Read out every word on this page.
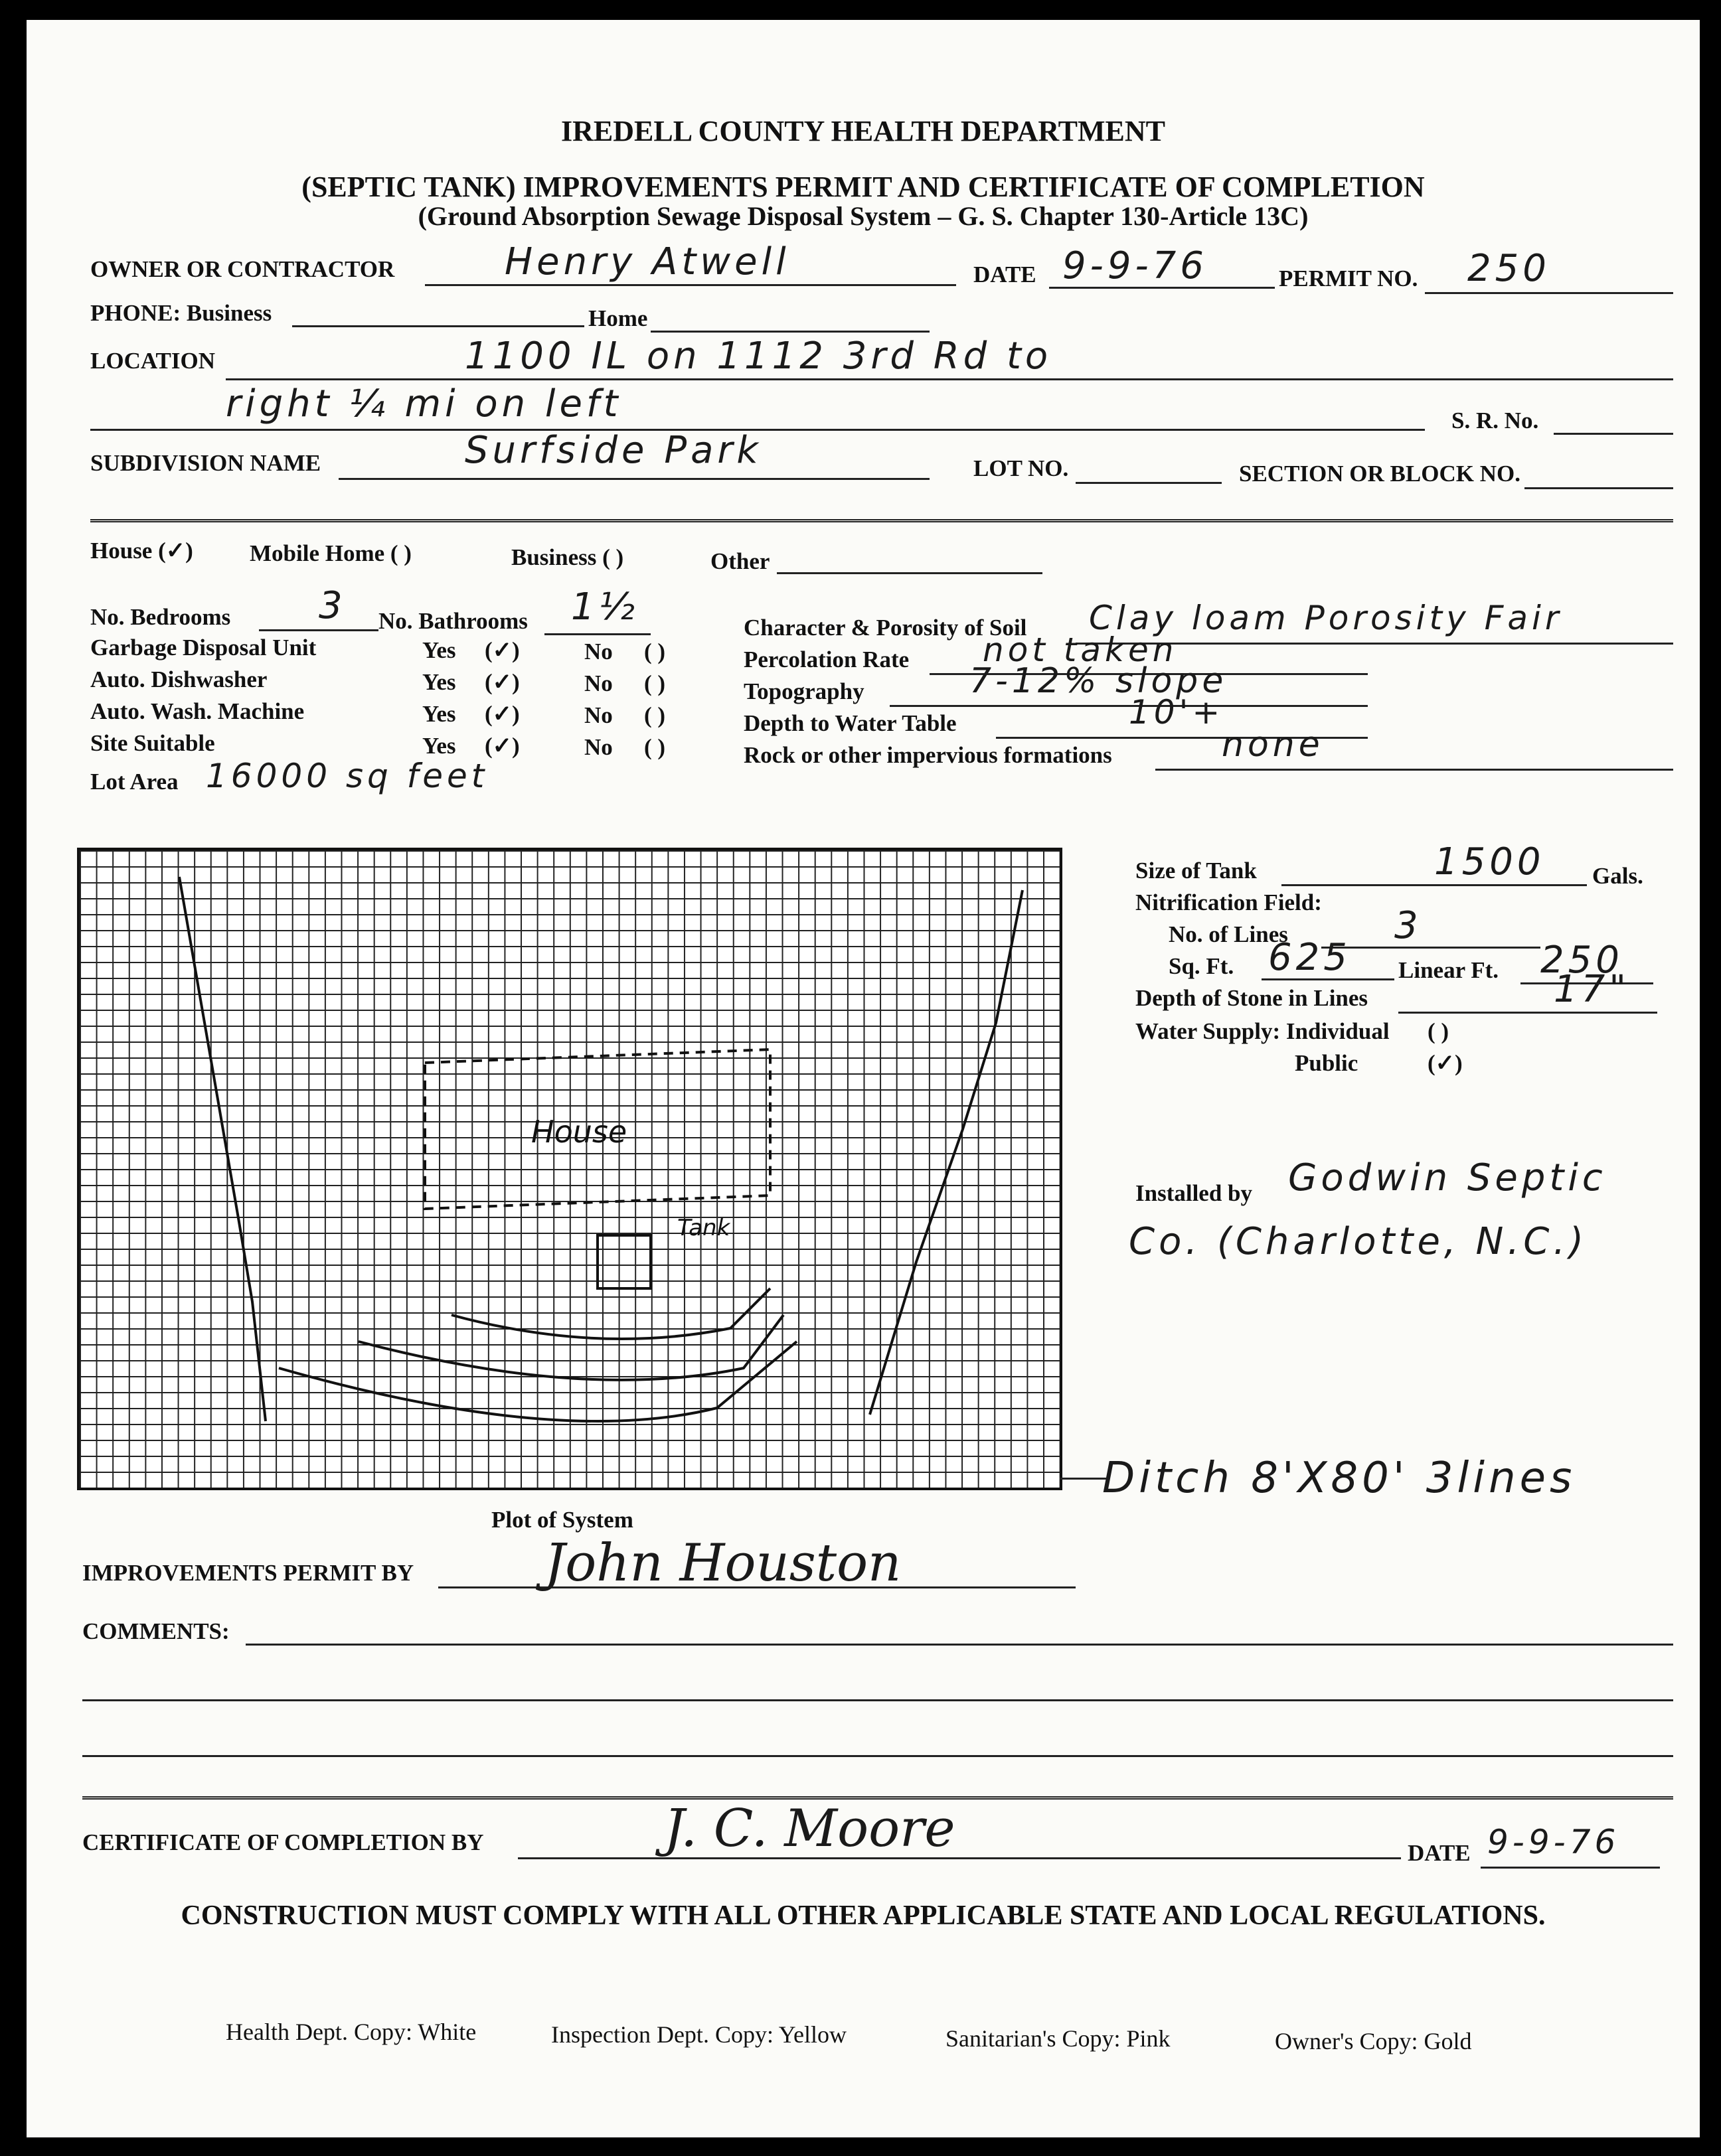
IREDELL COUNTY HEALTH DEPARTMENT
(SEPTIC TANK) IMPROVEMENTS PERMIT AND CERTIFICATE OF COMPLETION
(Ground Absorption Sewage Disposal System – G. S. Chapter 130-Article 13C)
OWNER OR CONTRACTOR	Henry Atwell	DATE 9-9-76	PERMIT NO. 250
PHONE: Business	Home
LOCATION	1100 IL on 1112 3rd Rd to
right ¼ mi on left	S. R. No.
SUBDIVISION NAME	Surfside Park	LOT NO.	SECTION OR BLOCK NO.
House (✓) Mobile Home ( )	Business ( )	Other
No. Bedrooms 3 No. Bathrooms 1½
Garbage Disposal Unit	Yes (✓)	No ( )
Auto. Dishwasher	Yes (✓)	No ( )
Auto. Wash. Machine	Yes (✓)	No ( )
Site Suitable	Yes (✓)	No ( )
Lot Area 16000 sq feet
Character & Porosity of Soil Clay loam Porosity Fair
Percolation Rate not taken
Topography	7-12% slope
Depth to Water Table	10'+
Rock or other impervious formations	none
House
Tank
Plot of System
Ditch 8'X80' 3lines
Size of Tank	1500 Gals.
Nitrification Field:
No. of Lines	3
Sq. Ft. 625 Linear Ft. 250
Depth of Stone in Lines	17"
Water Supply: Individual ( )
Public	(✓)
Installed by Godwin Septic
Co. (Charlotte, N.C.)
IMPROVEMENTS PERMIT BY	John Houston
COMMENTS:
CERTIFICATE OF COMPLETION BY	J. C. Moore	DATE 9-9-76
CONSTRUCTION MUST COMPLY WITH ALL OTHER APPLICABLE STATE AND LOCAL REGULATIONS.
Health Dept. Copy: White	Inspection Dept. Copy: Yellow	Sanitarian's Copy: Pink	Owner's Copy: Gold
